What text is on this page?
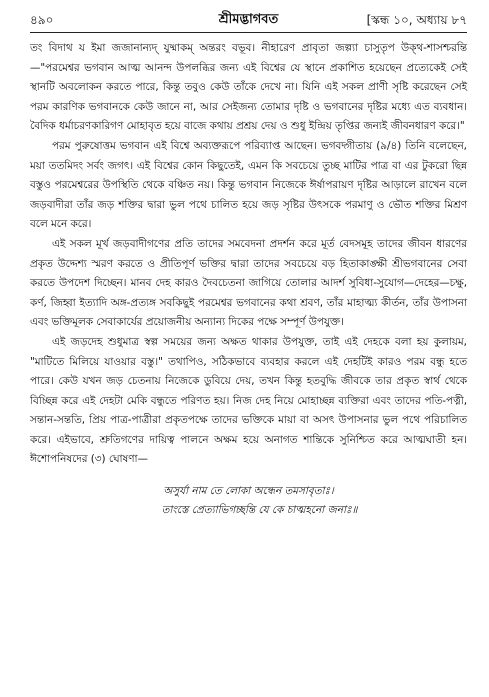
৪৯০	শ্রীমদ্ভাগবত	[স্কন্ধ ১০, অধ্যায় ৮৭

তং বিদাথ য ইমা জজানান্যদ্ যুষ্মাকম্ অন্তরং বভূব। নীহারেণ প্রাবৃতা জল্প্যা চাসুতৃপ উক্‌থ-শাসশ্চরন্তি—"পরমেশ্বর ভগবান আত্ম আনন্দ উপলব্ধির জন্য এই বিশ্বের যে স্থানে প্রকাশিত হয়েছেন প্রত্যেকেই সেই স্থানটি অবলোকন করতে পারে, কিন্তু তবুও কেউ তাঁকে দেখে না। যিনি এই সকল প্রাণী সৃষ্টি করেছেন সেই পরম কারণিক ভগবানকে কেউ জানে না, আর সেইজন্য তোমার দৃষ্টি ও ভগবানের দৃষ্টির মধ্যে এত ব্যবধান। বৈদিক ধর্মাচরণকারিগণ মোহাবৃত হয়ে বাজে কথায় প্রশ্রয় দেয় ও শুধু ইন্দ্রিয় তৃপ্তির জন্যই জীবনধারণ করে।"

পরম পুরুষোত্তম ভগবান এই বিশ্বে অব্যক্তরূপে পরিব্যাপ্ত আছেন। ভগবদ্গীতায় (৯/৪) তিনি বলেছেন, ময়া ততমিদং সর্বং জগৎ। এই বিশ্বের কোন কিছুতেই, এমন কি সবচেয়ে তুচ্ছ মাটির পাত্র বা এর টুকরো ছিন্ন বস্তুও পরমেশ্বরের উপস্থিতি থেকে বঞ্চিত নয়। কিন্তু ভগবান নিজেকে ঈর্ষাপরায়ণ দৃষ্টির আড়ালে রাখেন বলে জড়বাদীরা তাঁর জড় শক্তির দ্বারা ভুল পথে চালিত হয়ে জড় সৃষ্টির উৎসকে পরমাণু ও ভৌত শক্তির মিশ্রণ বলে মনে করে।

এই সকল মূর্খ জড়বাদীগণের প্রতি তাদের সমবেদনা প্রদর্শন করে মূর্ত বেদসমূহ তাদের জীবন ধারণের প্রকৃত উদ্দেশ্য স্মরণ করতে ও প্রীতিপূর্ণ ভক্তির দ্বারা তাদের সবচেয়ে বড় হিতাকাঙ্ক্ষী শ্রীভগবানের সেবা করতে উপদেশ দিচ্ছেন। মানব দেহ কারও দৈবচেতনা জাগিয়ে তোলার আদর্শ সুবিধা-সুযোগ—দেহের—চক্ষু, কর্ণ, জিহ্বা ইত্যাদি অঙ্গ-প্রত্যঙ্গ সবকিছুই পরমেশ্বর ভগবানের কথা শ্রবণ, তাঁর মাহাত্ম্য কীর্তন, তাঁর উপাসনা এবং ভক্তিমূলক সেবাকার্যের প্রয়োজনীয় অন্যান্য দিকের পক্ষে সম্পূর্ণ উপযুক্ত।

এই জড়দেহ শুধুমাত্র স্বল্প সময়ের জন্য অক্ষত থাকার উপযুক্ত, তাই এই দেহকে বলা হয় কুলায়ম, "মাটিতে মিলিয়ে যাওয়ার বস্তু।" তথাপিও, সঠিকভাবে ব্যবহার করলে এই দেহটিই কারও পরম বন্ধু হতে পারে। কেউ যখন জড় চেতনায় নিজেকে ডুবিয়ে দেয়, তখন কিন্তু হতবুদ্ধি জীবকে তার প্রকৃত স্বার্থ থেকে বিচ্ছিন্ন করে এই দেহটা মেকি বন্ধুতে পরিণত হয়। নিজ দেহ নিয়ে মোহাচ্ছন্ন ব্যক্তিরা এবং তাদের পতি-পত্নী, সন্তান-সন্ততি, প্রিয় পাত্র-পাত্রীরা প্রকৃতপক্ষে তাদের ভক্তিকে মায়া বা অসৎ উপাসনার ভুল পথে পরিচালিত করে। এইভাবে, শ্রুতিগণের দায়িত্ব পালনে অক্ষম হয়ে অনাগত শান্তিকে সুনিশ্চিত করে আত্মঘাতী হন। ঈশোপনিষদের (৩) ঘোষণা—

অসুর্যা নাম তে লোকা অন্ধেন তমসাবৃতাঃ।
তাংস্তে প্রেত্যাভিগচ্ছন্তি যে কে চাত্মহনো জনাঃ॥
